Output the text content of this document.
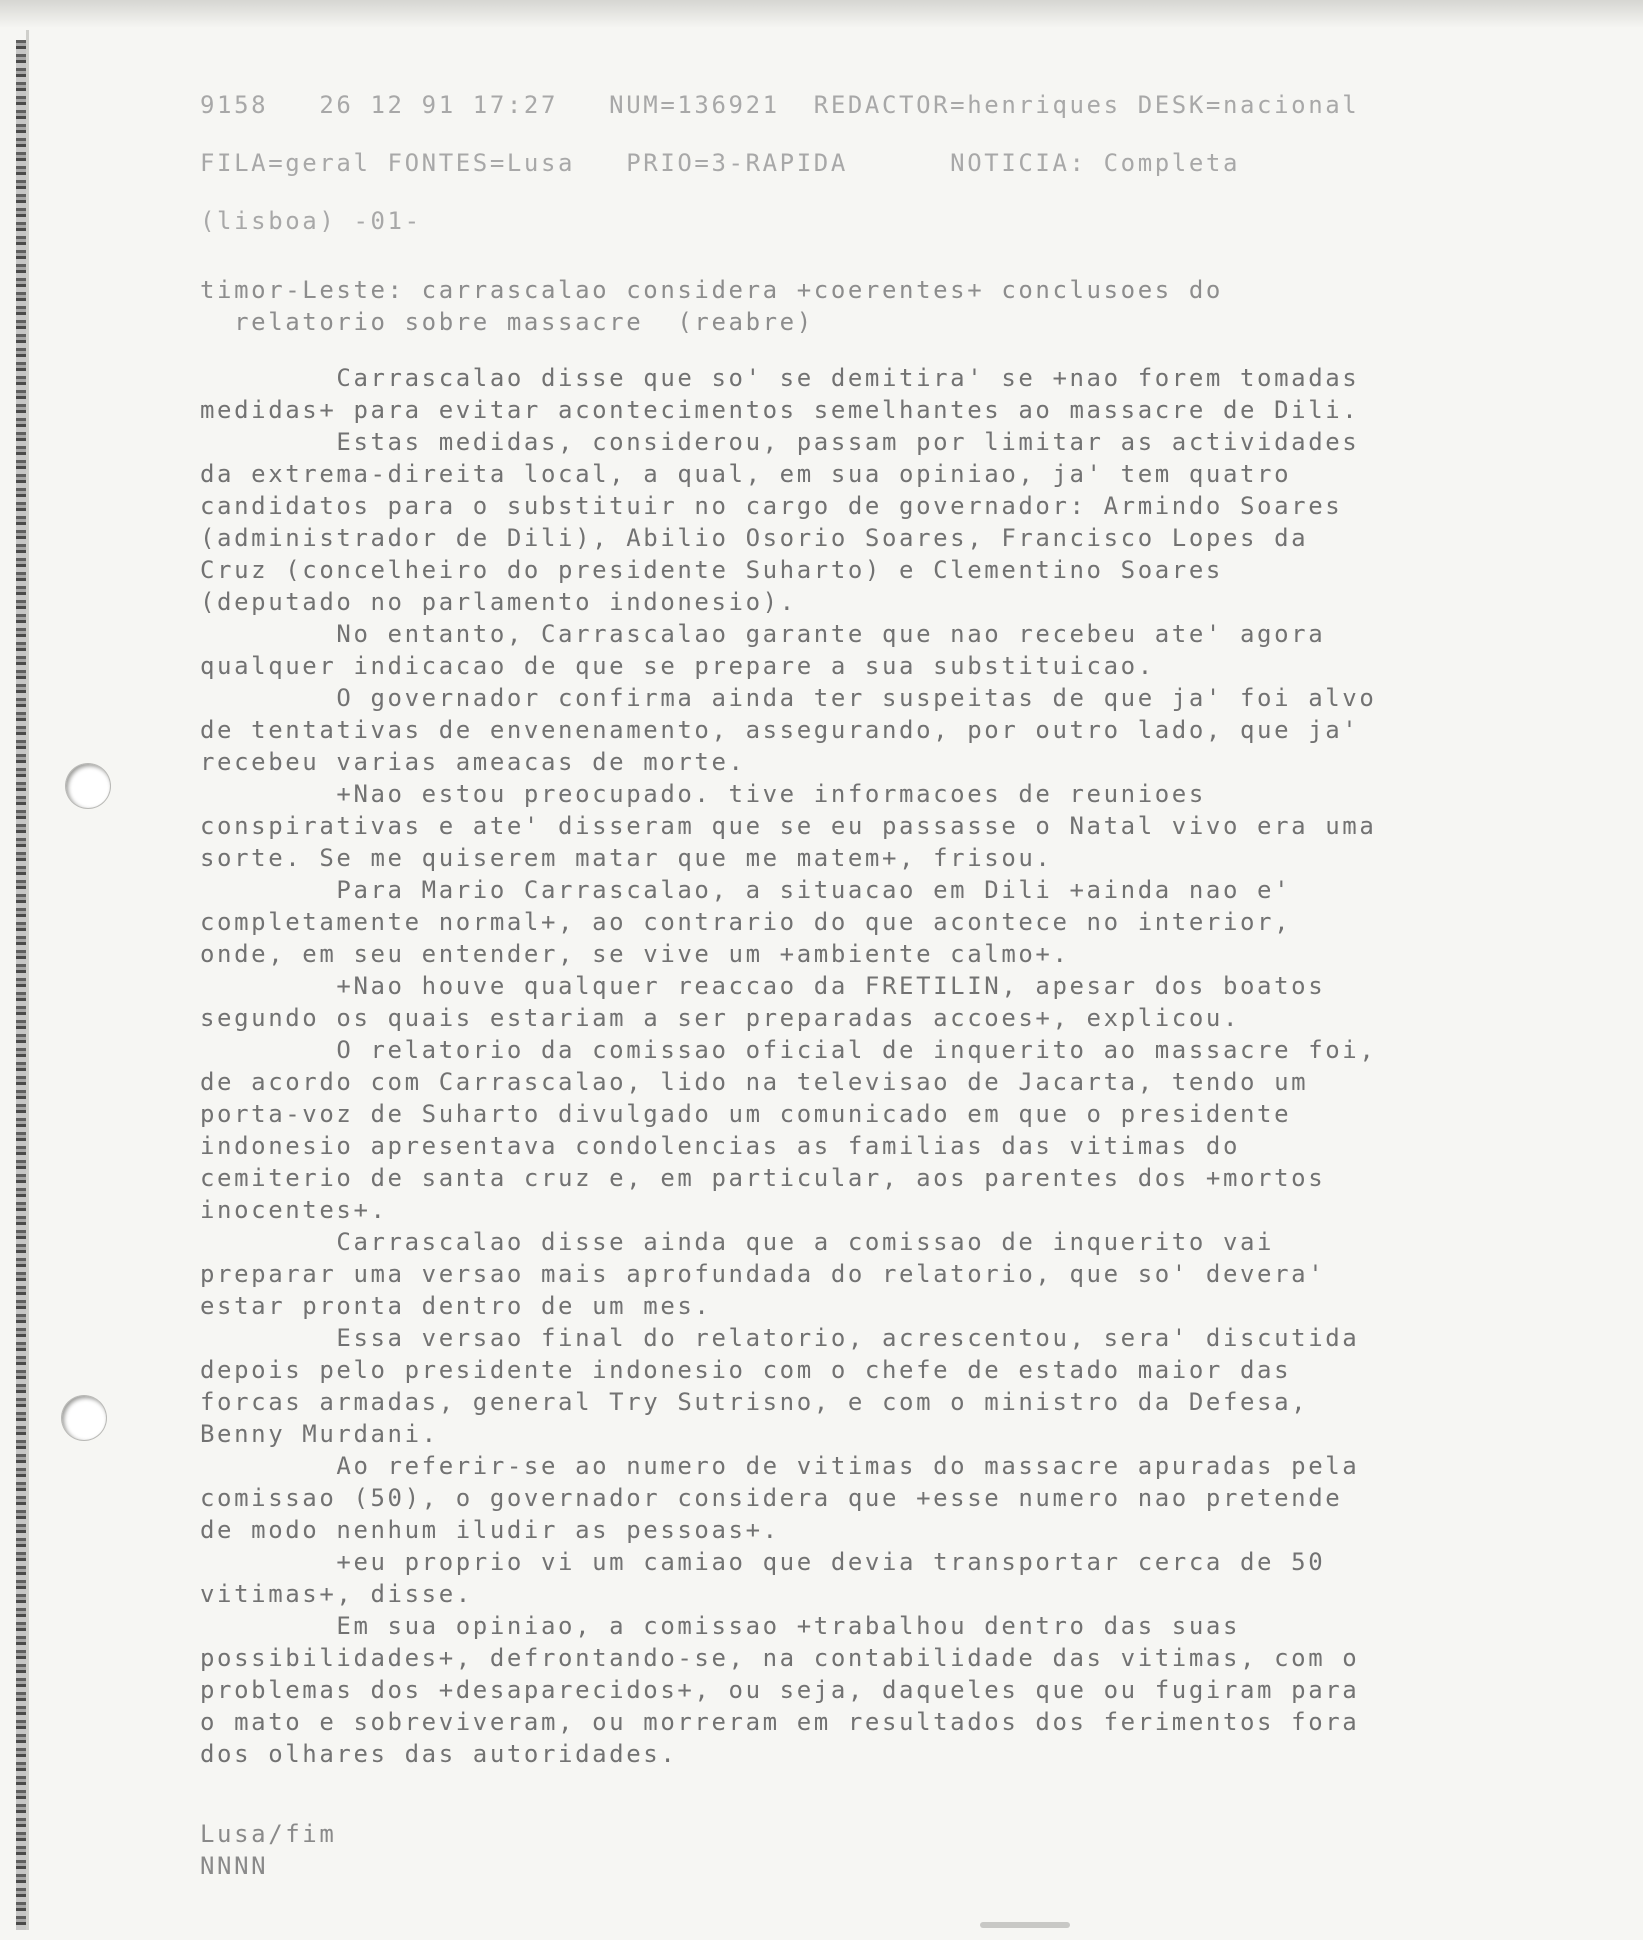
9158   26 12 91 17:27   NUM=136921  REDACTOR=henriques DESK=nacional
FILA=geral FONTES=Lusa   PRIO=3-RAPIDA      NOTICIA: Completa
(lisboa) -01-
timor-Leste: carrascalao considera +coerentes+ conclusoes do
relatorio sobre massacre  (reabre)
Carrascalao disse que so' se demitira' se +nao forem tomadas
medidas+ para evitar acontecimentos semelhantes ao massacre de Dili.
Estas medidas, considerou, passam por limitar as actividades
da extrema-direita local, a qual, em sua opiniao, ja' tem quatro
candidatos para o substituir no cargo de governador: Armindo Soares
(administrador de Dili), Abilio Osorio Soares, Francisco Lopes da
Cruz (concelheiro do presidente Suharto) e Clementino Soares
(deputado no parlamento indonesio).
No entanto, Carrascalao garante que nao recebeu ate' agora
qualquer indicacao de que se prepare a sua substituicao.
O governador confirma ainda ter suspeitas de que ja' foi alvo
de tentativas de envenenamento, assegurando, por outro lado, que ja'
recebeu varias ameacas de morte.
+Nao estou preocupado. tive informacoes de reunioes
conspirativas e ate' disseram que se eu passasse o Natal vivo era uma
sorte. Se me quiserem matar que me matem+, frisou.
Para Mario Carrascalao, a situacao em Dili +ainda nao e'
completamente normal+, ao contrario do que acontece no interior,
onde, em seu entender, se vive um +ambiente calmo+.
+Nao houve qualquer reaccao da FRETILIN, apesar dos boatos
segundo os quais estariam a ser preparadas accoes+, explicou.
O relatorio da comissao oficial de inquerito ao massacre foi,
de acordo com Carrascalao, lido na televisao de Jacarta, tendo um
porta-voz de Suharto divulgado um comunicado em que o presidente
indonesio apresentava condolencias as familias das vitimas do
cemiterio de santa cruz e, em particular, aos parentes dos +mortos
inocentes+.
Carrascalao disse ainda que a comissao de inquerito vai
preparar uma versao mais aprofundada do relatorio, que so' devera'
estar pronta dentro de um mes.
Essa versao final do relatorio, acrescentou, sera' discutida
depois pelo presidente indonesio com o chefe de estado maior das
forcas armadas, general Try Sutrisno, e com o ministro da Defesa,
Benny Murdani.
Ao referir-se ao numero de vitimas do massacre apuradas pela
comissao (50), o governador considera que +esse numero nao pretende
de modo nenhum iludir as pessoas+.
+eu proprio vi um camiao que devia transportar cerca de 50
vitimas+, disse.
Em sua opiniao, a comissao +trabalhou dentro das suas
possibilidades+, defrontando-se, na contabilidade das vitimas, com o
problemas dos +desaparecidos+, ou seja, daqueles que ou fugiram para
o mato e sobreviveram, ou morreram em resultados dos ferimentos fora
dos olhares das autoridades.
Lusa/fim
NNNN
